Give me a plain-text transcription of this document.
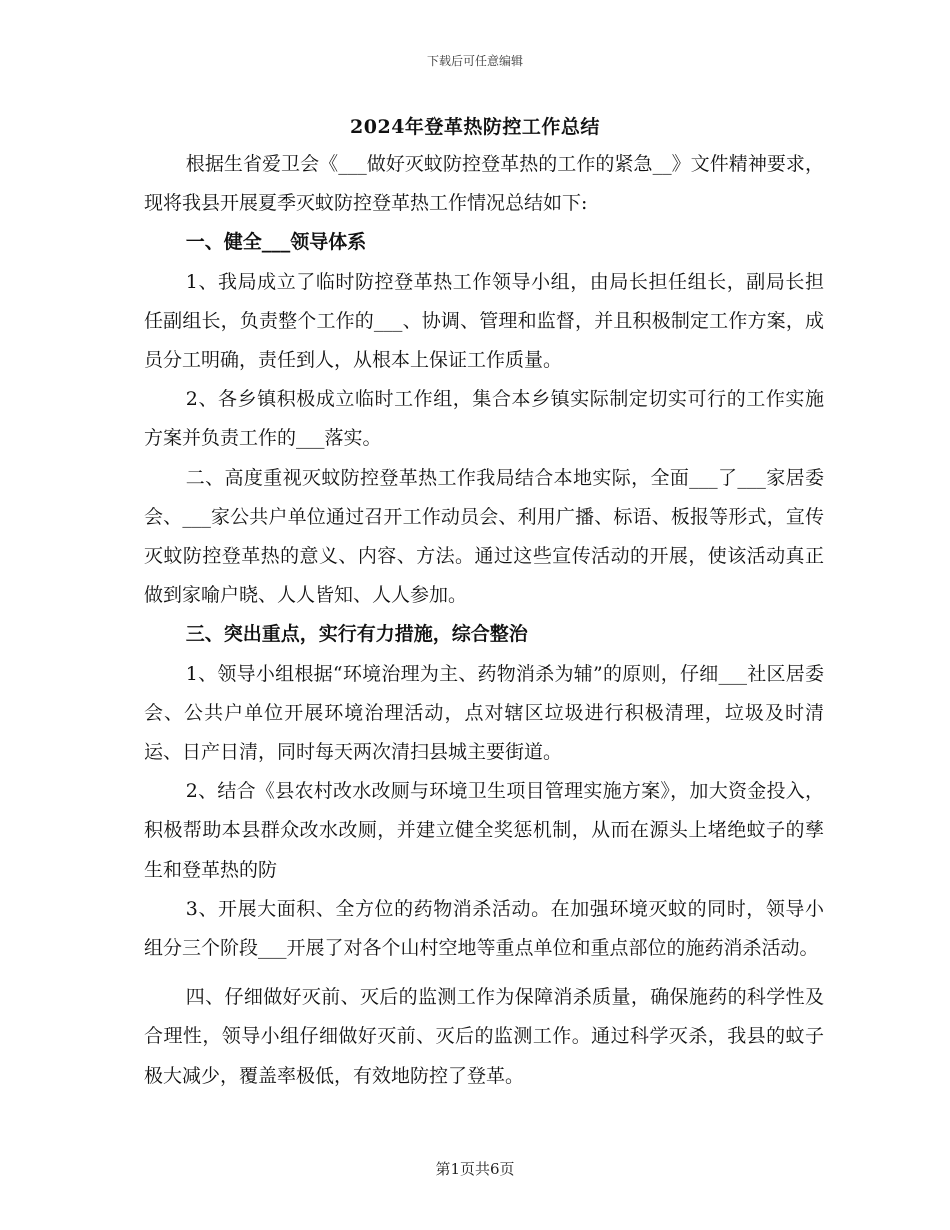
下载后可任意编辑
2024年登革热防控工作总结

根据生省爱卫会《___做好灭蚊防控登革热的工作的紧急__》文件精神要求，现将我县开展夏季灭蚊防控登革热工作情况总结如下:

一、健全___领导体系

1、我局成立了临时防控登革热工作领导小组，由局长担任组长，副局长担任副组长，负责整个工作的___、协调、管理和监督，并且积极制定工作方案，成员分工明确，责任到人，从根本上保证工作质量。

2、各乡镇积极成立临时工作组，集合本乡镇实际制定切实可行的工作实施方案并负责工作的___落实。

二、高度重视灭蚊防控登革热工作我局结合本地实际，全面___了___家居委会、___家公共户单位通过召开工作动员会、利用广播、标语、板报等形式，宣传灭蚊防控登革热的意义、内容、方法。通过这些宣传活动的开展，使该活动真正做到家喻户晓、人人皆知、人人参加。

三、突出重点，实行有力措施，综合整治

1、领导小组根据“环境治理为主、药物消杀为辅”的原则，仔细___社区居委会、公共户单位开展环境治理活动，点对辖区垃圾进行积极清理，垃圾及时清运、日产日清，同时每天两次清扫县城主要街道。

2、结合《县农村改水改厕与环境卫生项目管理实施方案》，加大资金投入，积极帮助本县群众改水改厕，并建立健全奖惩机制，从而在源头上堵绝蚊子的孳生和登革热的防

3、开展大面积、全方位的药物消杀活动。在加强环境灭蚊的同时，领导小组分三个阶段___开展了对各个山村空地等重点单位和重点部位的施药消杀活动。

四、仔细做好灭前、灭后的监测工作为保障消杀质量，确保施药的科学性及合理性，领导小组仔细做好灭前、灭后的监测工作。通过科学灭杀，我县的蚊子极大减少，覆盖率极低，有效地防控了登革。

第1页共6页
